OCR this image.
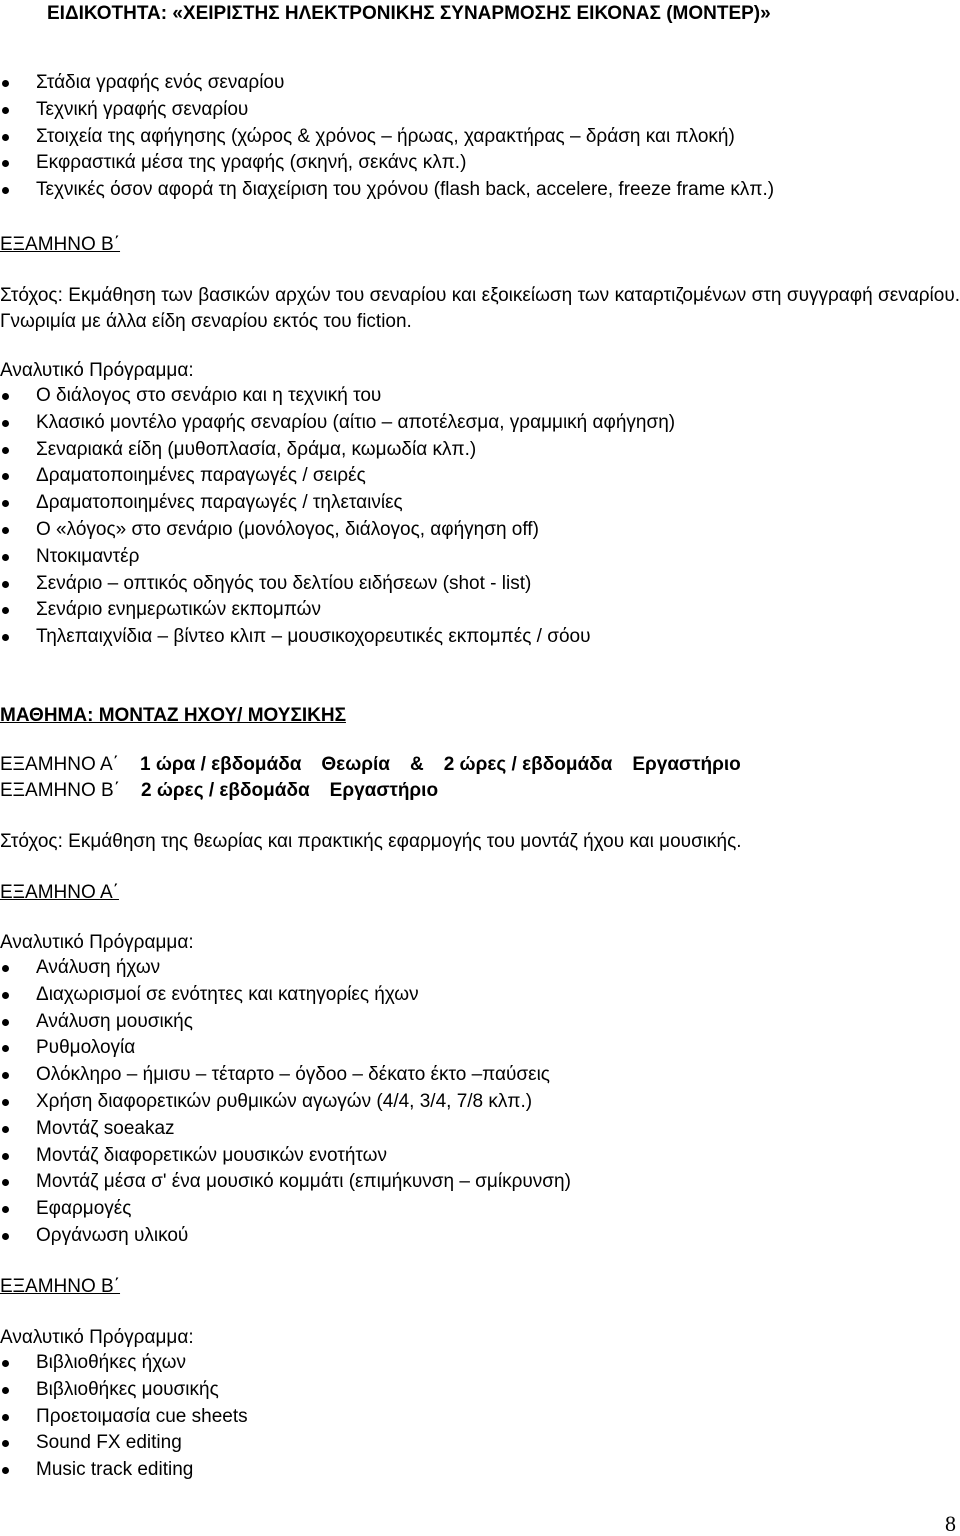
ΕΙΔΙΚΟΤΗΤΑ: «ΧΕΙΡΙΣΤΗΣ ΗΛΕΚΤΡΟΝΙΚΗΣ ΣΥΝΑΡΜΟΣΗΣ ΕΙΚΟΝΑΣ (ΜΟΝΤΕΡ)»
Στάδια γραφής ενός σεναρίου
Τεχνική γραφής σεναρίου
Στοιχεία της αφήγησης (χώρος & χρόνος – ήρωας, χαρακτήρας – δράση και πλοκή)
Εκφραστικά μέσα της γραφής (σκηνή, σεκάνς κλπ.)
Τεχνικές όσον αφορά τη διαχείριση του χρόνου (flash back, accelere, freeze frame κλπ.)
ΕΞΑΜΗΝΟ Β΄
Στόχος: Εκμάθηση των βασικών αρχών του σεναρίου και εξοικείωση των καταρτιζομένων στη συγγραφή σεναρίου. Γνωριμία με άλλα είδη σεναρίου εκτός του fiction.
Αναλυτικό Πρόγραμμα:
Ο διάλογος στο σενάριο και η τεχνική του
Κλασικό μοντέλο γραφής σεναρίου (αίτιο – αποτέλεσμα, γραμμική αφήγηση)
Σεναριακά είδη (μυθοπλασία, δράμα, κωμωδία κλπ.)
Δραματοποιημένες παραγωγές / σειρές
Δραματοποιημένες παραγωγές / τηλεταινίες
Ο «λόγος» στο σενάριο (μονόλογος, διάλογος, αφήγηση off)
Ντοκιμαντέρ
Σενάριο – οπτικός οδηγός του δελτίου ειδήσεων (shot - list)
Σενάριο ενημερωτικών εκπομπών
Τηλεπαιχνίδια – βίντεο κλιπ – μουσικοχορευτικές εκπομπές / σόου
ΜΑΘΗΜΑ: ΜΟΝΤΑΖ ΗΧΟΥ/ ΜΟΥΣΙΚΗΣ
ΕΞΑΜΗΝΟ Α΄ 1 ώρα / εβδομάδα Θεωρία & 2 ώρες / εβδομάδα Εργαστήριο
ΕΞΑΜΗΝΟ Β΄ 2 ώρες / εβδομάδα Εργαστήριο
Στόχος: Εκμάθηση της θεωρίας και πρακτικής εφαρμογής του μοντάζ ήχου και μουσικής.
ΕΞΑΜΗΝΟ Α΄
Αναλυτικό Πρόγραμμα:
Ανάλυση ήχων
Διαχωρισμοί σε ενότητες και κατηγορίες ήχων
Ανάλυση μουσικής
Ρυθμολογία
Ολόκληρο – ήμισυ – τέταρτο – όγδοο – δέκατο έκτο –παύσεις
Χρήση διαφορετικών ρυθμικών αγωγών (4/4, 3/4, 7/8 κλπ.)
Μοντάζ soeakaz
Μοντάζ διαφορετικών μουσικών ενοτήτων
Μοντάζ μέσα σ' ένα μουσικό κομμάτι (επιμήκυνση – σμίκρυνση)
Εφαρμογές
Οργάνωση υλικού
ΕΞΑΜΗΝΟ Β΄
Αναλυτικό Πρόγραμμα:
Βιβλιοθήκες ήχων
Βιβλιοθήκες μουσικής
Προετοιμασία cue sheets
Sound FX editing
Music track editing
8
